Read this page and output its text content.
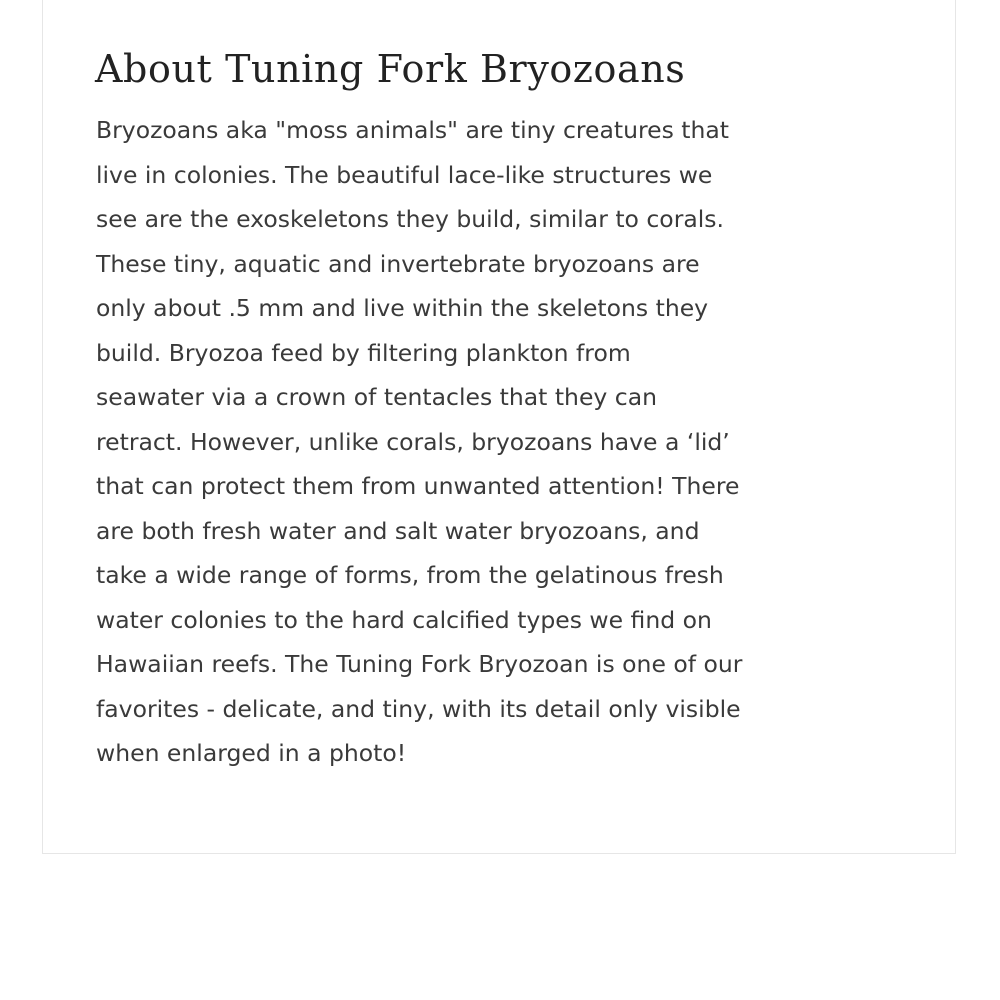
About Tuning Fork Bryozoans
Bryozoans aka "moss animals" are tiny creatures that
live in colonies. The beautiful lace-like structures we
see are the exoskeletons they build, similar to corals.
These tiny, aquatic and invertebrate bryozoans are
only about .5 mm and live within the skeletons they
build. Bryozoa feed by filtering plankton from
seawater via a crown of tentacles that they can
retract. However, unlike corals, bryozoans have a ‘lid’
that can protect them from unwanted attention! There
are both fresh water and salt water bryozoans, and
take a wide range of forms, from the gelatinous fresh
water colonies to the hard calcified types we find on
Hawaiian reefs. The Tuning Fork Bryozoan is one of our
favorites - delicate, and tiny, with its detail only visible
when enlarged in a photo!
